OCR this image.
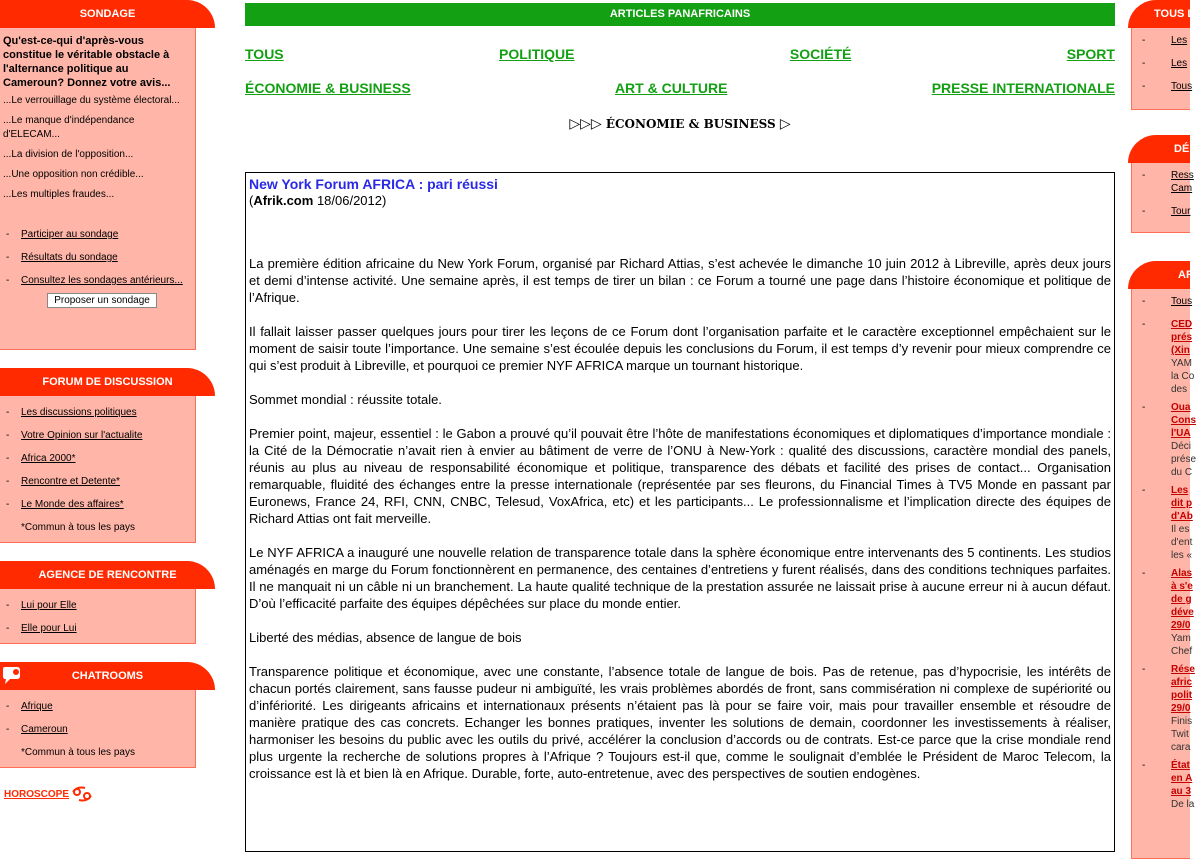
SONDAGE
Qu'est-ce-qui d'après-vous constitue le véritable obstacle à l'alternance politique au Cameroun? Donnez votre avis...
...Le verrouillage du système électoral...
...Le manque d'indépendance d'ELECAM...
...La division de l'opposition...
...Une opposition non crédible...
...Les multiples fraudes...
- Participer au sondage
- Résultats du sondage
- Consultez les sondages antérieurs...
Proposer un sondage
FORUM DE DISCUSSION
- Les discussions politiques
- Votre Opinion sur l'actualite
- Africa 2000*
- Rencontre et Detente*
- Le Monde des affaires*
*Commun à tous les pays
AGENCE DE RENCONTRE
- Lui pour Elle
- Elle pour Lui
CHATROOMS
- Afrique
- Cameroun
*Commun à tous les pays
HOROSCOPE
ARTICLES PANAFRICAINS
TOUS	POLITIQUE	SOCIÉTÉ	SPORT
ÉCONOMIE & BUSINESS	ART & CULTURE	PRESSE INTERNATIONALE
▷▷▷ ÉCONOMIE & BUSINESS ▷
New York Forum AFRICA : pari réussi
(Afrik.com 18/06/2012)

La première édition africaine du New York Forum, organisé par Richard Attias, s’est achevée le dimanche 10 juin 2012 à Libreville, après deux jours et demi d’intense activité. Une semaine après, il est temps de tirer un bilan : ce Forum a tourné une page dans l’histoire économique et politique de l’Afrique.

Il fallait laisser passer quelques jours pour tirer les leçons de ce Forum dont l’organisation parfaite et le caractère exceptionnel empêchaient sur le moment de saisir toute l’importance. Une semaine s’est écoulée depuis les conclusions du Forum, il est temps d’y revenir pour mieux comprendre ce qui s’est produit à Libreville, et pourquoi ce premier NYF AFRICA marque un tournant historique.

Sommet mondial : réussite totale.

Premier point, majeur, essentiel : le Gabon a prouvé qu’il pouvait être l’hôte de manifestations économiques et diplomatiques d’importance mondiale : la Cité de la Démocratie n’avait rien à envier au bâtiment de verre de l’ONU à New-York : qualité des discussions, caractère mondial des panels, réunis au plus au niveau de responsabilité économique et politique, transparence des débats et facilité des prises de contact... Organisation remarquable, fluidité des échanges entre la presse internationale (représentée par ses fleurons, du Financial Times à TV5 Monde en passant par Euronews, France 24, RFI, CNN, CNBC, Telesud, VoxAfrica, etc) et les participants... Le professionnalisme et l’implication directe des équipes de Richard Attias ont fait merveille.

Le NYF AFRICA a inauguré une nouvelle relation de transparence totale dans la sphère économique entre intervenants des 5 continents. Les studios aménagés en marge du Forum fonctionnèrent en permanence, des centaines d’entretiens y furent réalisés, dans des conditions techniques parfaites. Il ne manquait ni un câble ni un branchement. La haute qualité technique de la prestation assurée ne laissait prise à aucune erreur ni à aucun défaut. D’où l’efficacité parfaite des équipes dépêchées sur place du monde entier.

Liberté des médias, absence de langue de bois

Transparence politique et économique, avec une constante, l’absence totale de langue de bois. Pas de retenue, pas d’hypocrisie, les intérêts de chacun portés clairement, sans fausse pudeur ni ambiguïté, les vrais problèmes abordés de front, sans commisération ni complexe de supériorité ou d’infériorité. Les dirigeants africains et internationaux présents n’étaient pas là pour se faire voir, mais pour travailler ensemble et résoudre de manière pratique des cas concrets. Echanger les bonnes pratiques, inventer les solutions de demain, coordonner les investissements à réaliser, harmoniser les besoins du public avec les outils du privé, accélérer la conclusion d’accords ou de contrats. Est-ce parce que la crise mondiale rend plus urgente la recherche de solutions propres à l’Afrique ? Toujours est-il que, comme le soulignait d’emblée le Président de Maroc Telecom, la croissance est là et bien là en Afrique. Durable, forte, auto-entretenue, avec des perspectives de soutien endogènes.

TOUS L
-	Les
-	Les
-	Tous
DÉ
-	Ress Cam
-	Tour
AR
-	Tous
-	CED prés (Xin
YAM la Co des
-	Oua Cons l'UA
Déci prése du C
-	Les dit p d'Ab
Il es d'ent les «
-	Alas à s'e de g déve 29/0
Yam Chef
-	Rése afric polit 29/0
Finis Twit cara
-	État en A au 3
De la
